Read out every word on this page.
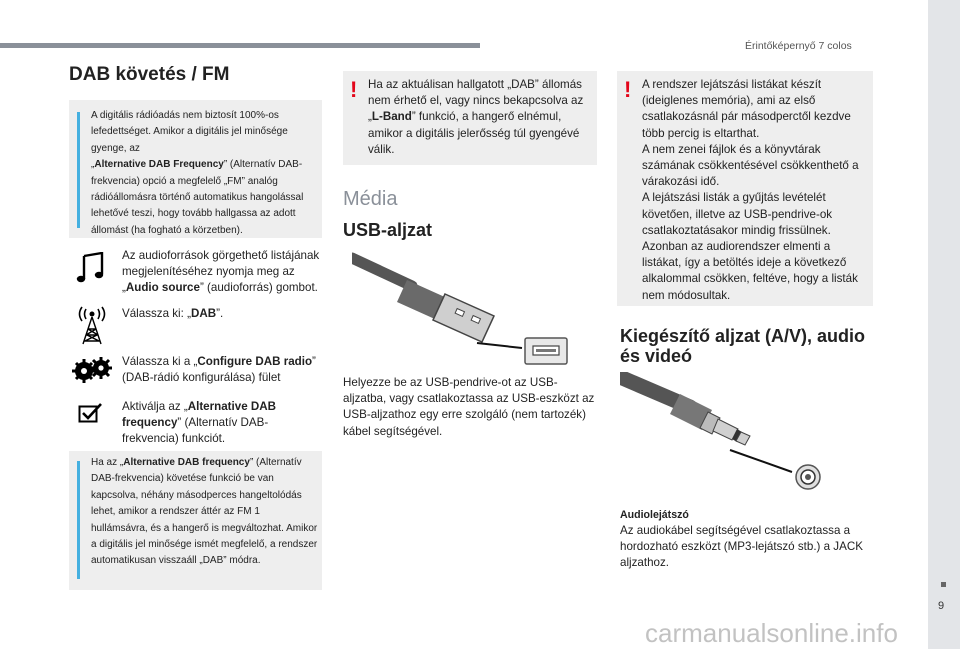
Érintőképernyő 7 colos
9
DAB követés / FM
A digitális rádióadás nem biztosít 100%-os lefedettséget. Amikor a digitális jel minősége gyenge, az
„Alternative DAB Frequency” (Alternatív DAB-frekvencia) opció a megfelelő „FM” analóg rádióállomásra történő automatikus hangolással lehetővé teszi, hogy tovább hallgassa az adott állomást (ha fogható a körzetben).
Az audioforrások görgethető listájának megjelenítéséhez nyomja meg az „Audio source” (audioforrás) gombot.
Válassza ki: „DAB”.
Válassza ki a „Configure DAB radio” (DAB-rádió konfigurálása) fület
Aktiválja az „Alternative DAB frequency” (Alternatív DAB-frekvencia) funkciót.
Ha az „Alternative DAB frequency” (Alternatív DAB-frekvencia) követése funkció be van kapcsolva, néhány másodperces hangeltolódás lehet, amikor a rendszer áttér az FM 1 hullámsávra, és a hangerő is megváltozhat. Amikor a digitális jel minősége ismét megfelelő, a rendszer automatikusan visszaáll „DAB” módra.
! Ha az aktuálisan hallgatott „DAB” állomás nem érhető el, vagy nincs bekapcsolva az „L-Band” funkció, a hangerő elnémul, amikor a digitális jelerősség túl gyengévé válik.
Média
USB-aljzat
Helyezze be az USB-pendrive-ot az USB-aljzatba, vagy csatlakoztassa az USB-eszközt az USB-aljzathoz egy erre szolgáló (nem tartozék) kábel segítségével.
! A rendszer lejátszási listákat készít (ideiglenes memória), ami az első csatlakozásnál pár másodperctől kezdve több percig is eltarthat.
A nem zenei fájlok és a könyvtárak számának csökkentésével csökkenthető a várakozási idő.
A lejátszási listák a gyűjtás levételét követően, illetve az USB-pendrive-ok csatlakoztatásakor mindig frissülnek.
Azonban az audiorendszer elmenti a listákat, így a betöltés ideje a következő alkalommal csökken, feltéve, hogy a listák nem módosultak.
Kiegészítő aljzat (A/V), audio és videó
Audiolejátszó
Az audiokábel segítségével csatlakoztassa a hordozható eszközt (MP3-lejátszó stb.) a JACK aljzathoz.
carmanualsonline.info
